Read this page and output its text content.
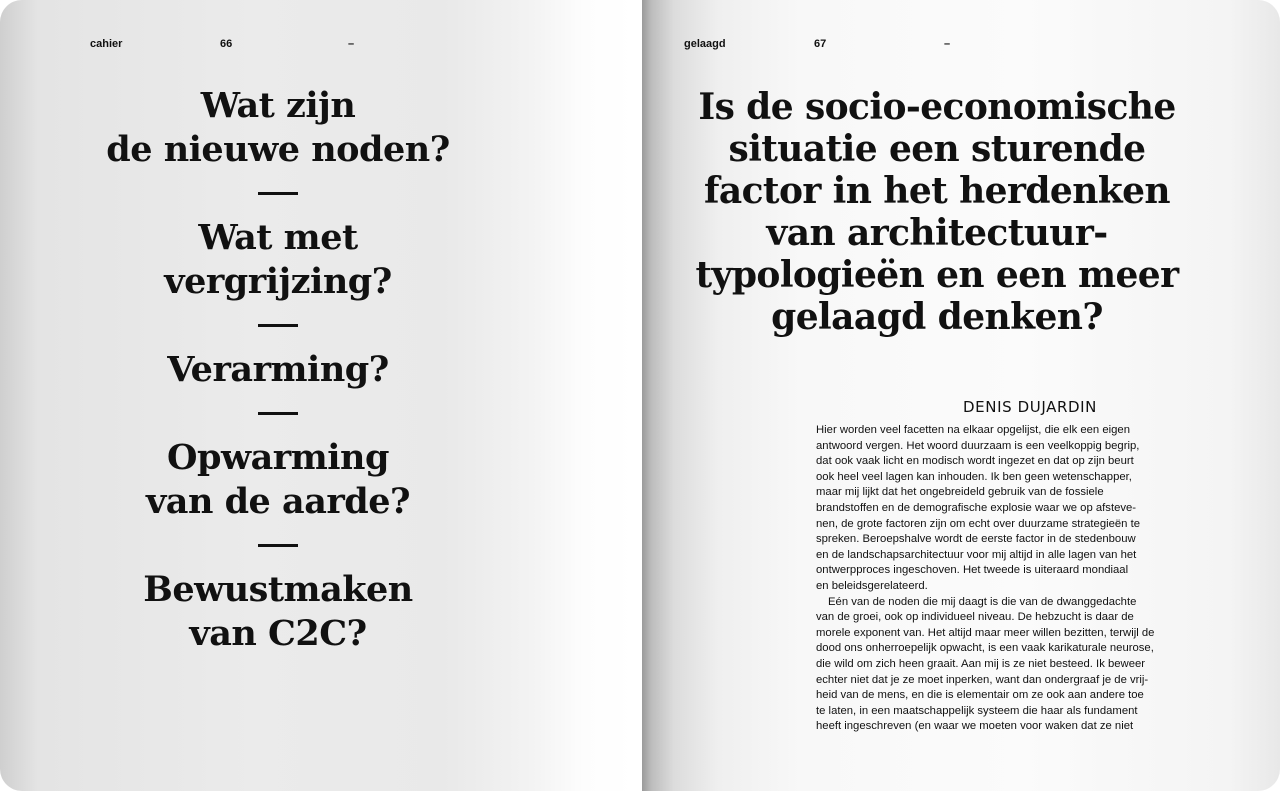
cahier	66	–
Wat zijn
de nieuwe noden?
Wat met
vergrijzing?
Verarming?
Opwarming
van de aarde?
Bewustmaken
van C2C?
gelaagd	67	–
Is de socio-economische
situatie een sturende
factor in het herdenken
van architectuur-
typologieën en een meer
gelaagd denken?
DENIS DUJARDIN
Hier worden veel facetten na elkaar opgelijst, die elk een eigen
antwoord vergen. Het woord duurzaam is een veelkoppig begrip,
dat ook vaak licht en modisch wordt ingezet en dat op zijn beurt
ook heel veel lagen kan inhouden. Ik ben geen wetenschapper,
maar mij lijkt dat het ongebreideld gebruik van de fossiele
brandstoffen en de demografische explosie waar we op afsteve-
nen, de grote factoren zijn om echt over duurzame strategieën te
spreken. Beroepshalve wordt de eerste factor in de stedenbouw
en de landschapsarchitectuur voor mij altijd in alle lagen van het
ontwerpproces ingeschoven. Het tweede is uiteraard mondiaal
en beleidsgerelateerd.
Eén van de noden die mij daagt is die van de dwanggedachte
van de groei, ook op individueel niveau. De hebzucht is daar de
morele exponent van. Het altijd maar meer willen bezitten, terwijl de
dood ons onherroepelijk opwacht, is een vaak karikaturale neurose,
die wild om zich heen graait. Aan mij is ze niet besteed. Ik beweer
echter niet dat je ze moet inperken, want dan ondergraaf je de vrij-
heid van de mens, en die is elementair om ze ook aan andere toe
te laten, in een maatschappelijk systeem die haar als fundament
heeft ingeschreven (en waar we moeten voor waken dat ze niet
